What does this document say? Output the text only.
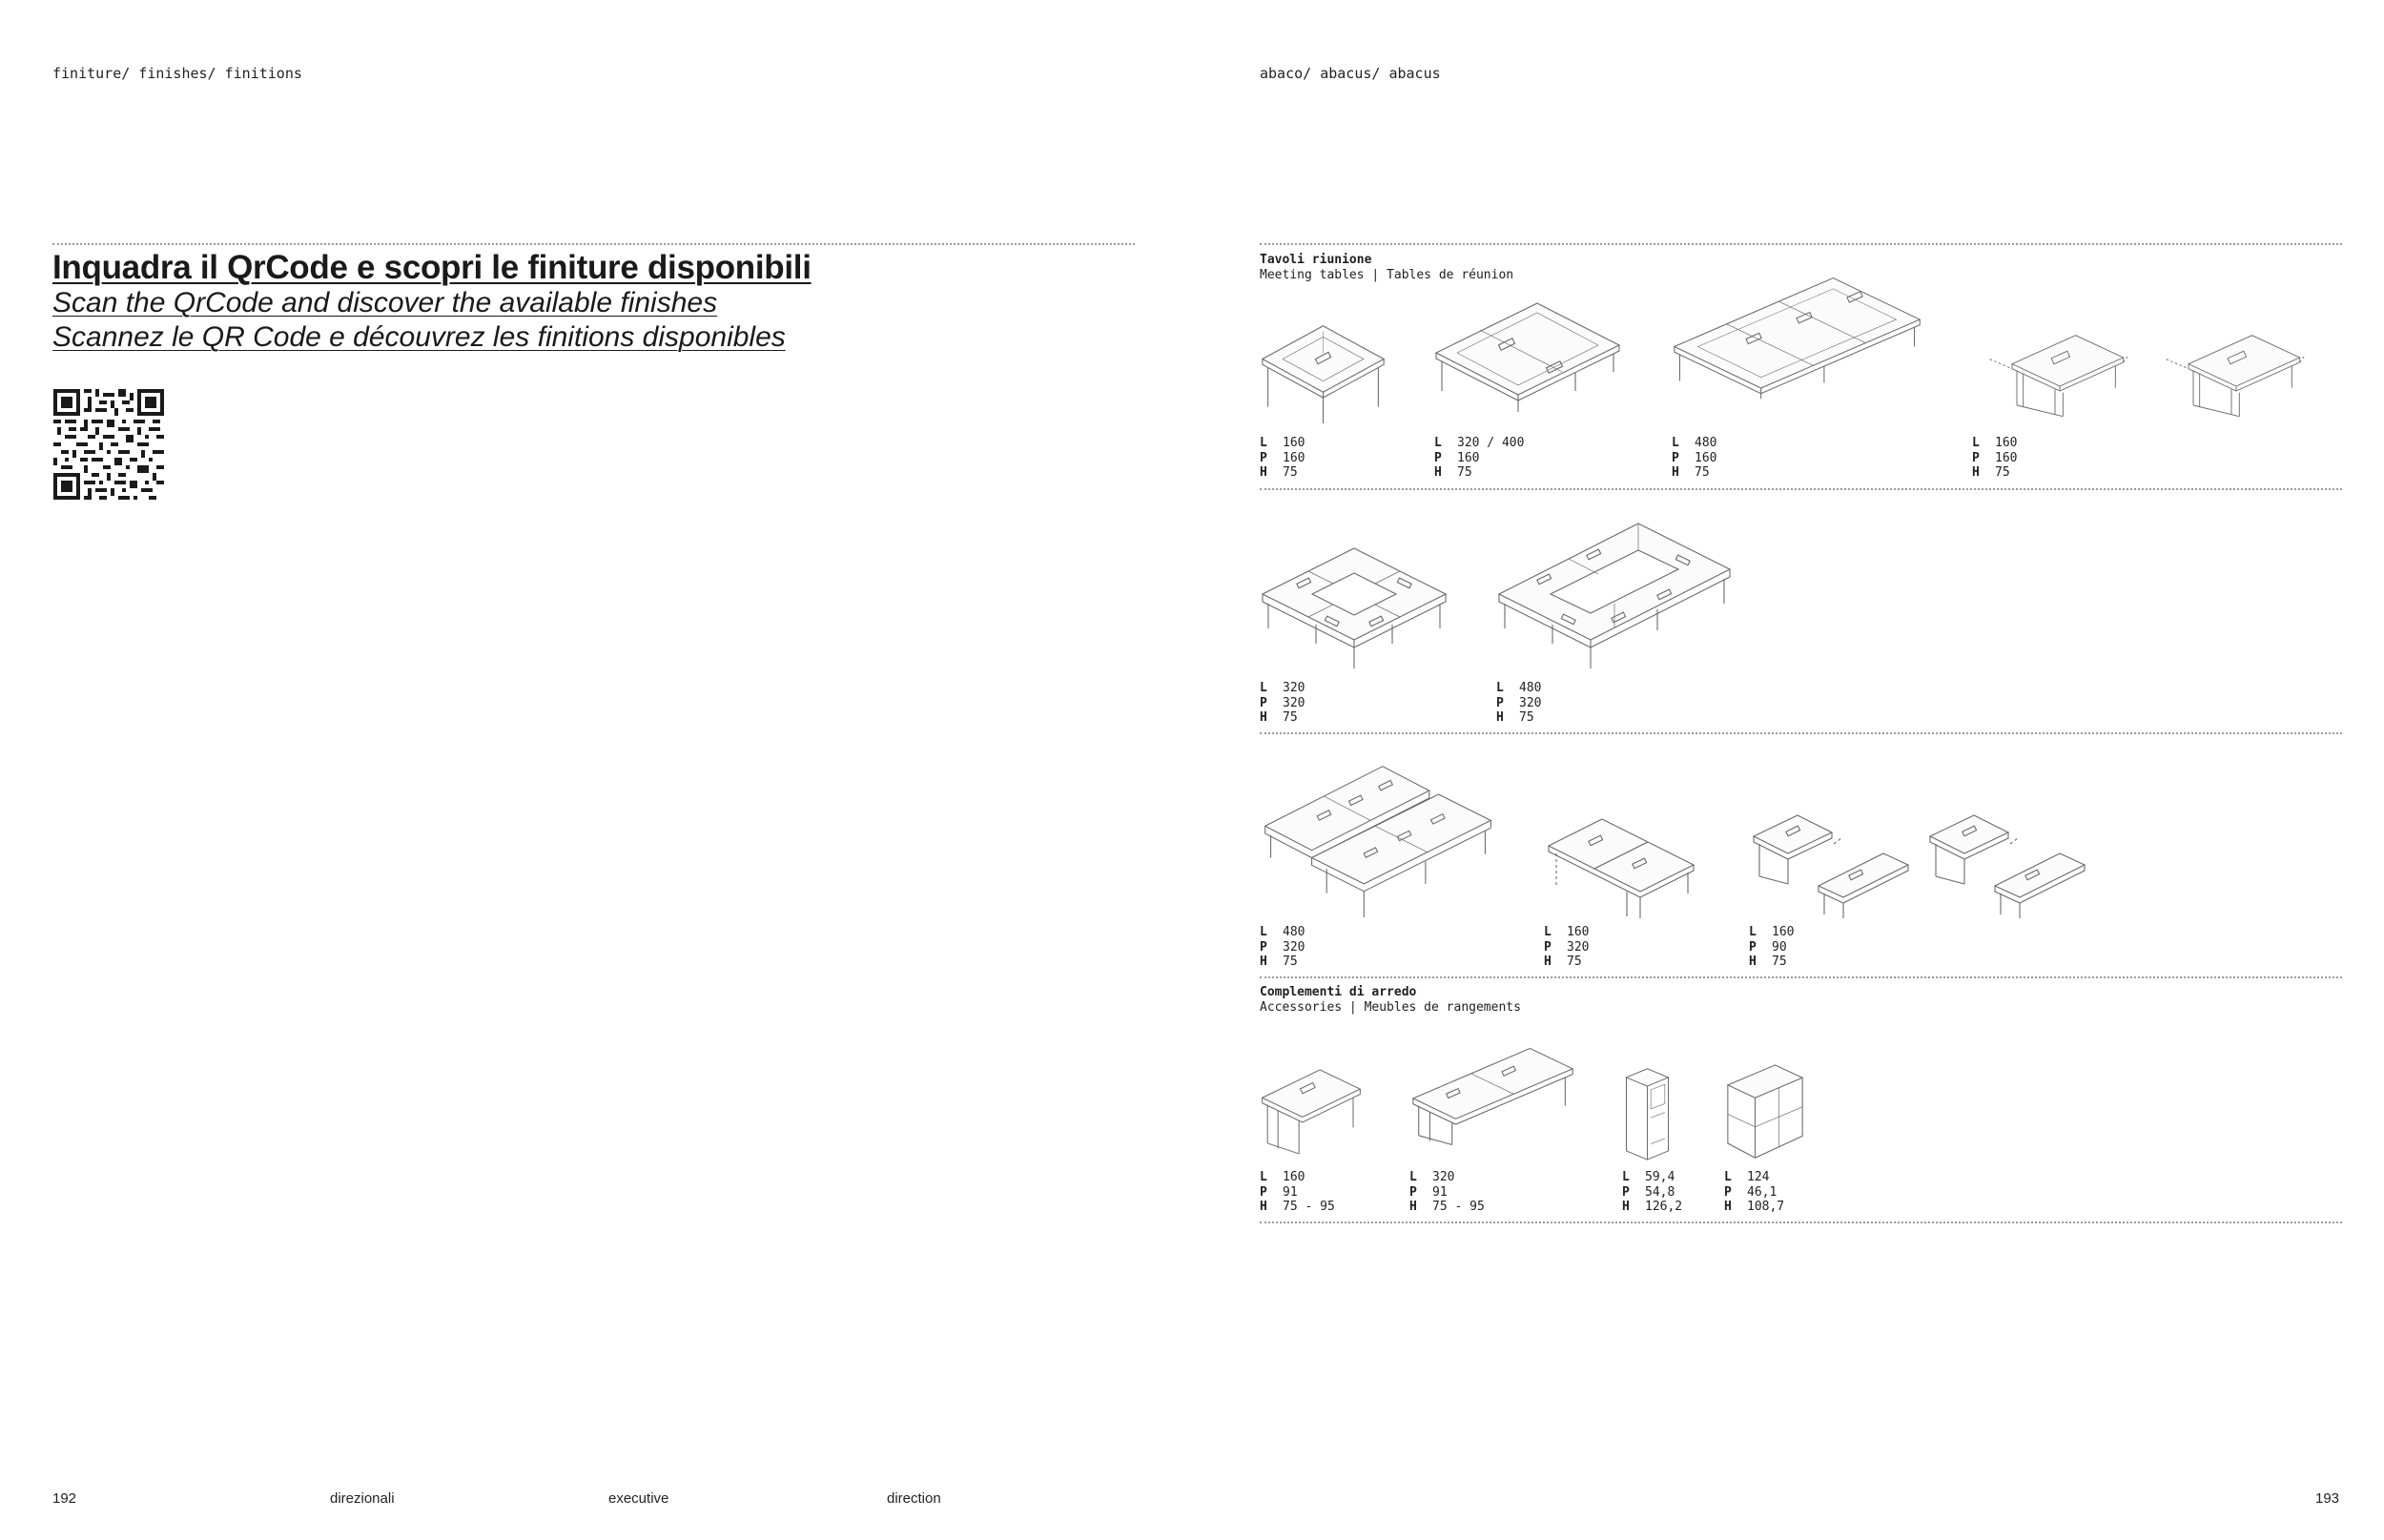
finiture/ finishes/ finitions
Inquadra il QrCode e scopri le finiture disponibili
Scan the QrCode and discover the available finishes
Scannez le QR Code e découvrez les finitions disponibles
abaco/ abacus/ abacus
Tavoli riunione
Meeting tables | Tables de réunion
L 160
P 160
H 75
L 320 / 400
P 160
H 75
L 480
P 160
H 75
L 160
P 160
H 75
L 320
P 320
H 75
L 480
P 320
H 75
L 480
P 320
H 75
L 160
P 320
H 75
L 160
P 90
H 75
Complementi di arredo
Accessories | Meubles de rangements
L 160
P 91
H 75 - 95
L 320
P 91
H 75 - 95
L 59,4
P 54,8
H 126,2
L 124
P 46,1
H 108,7
192	direzionali	executive	direction	193
